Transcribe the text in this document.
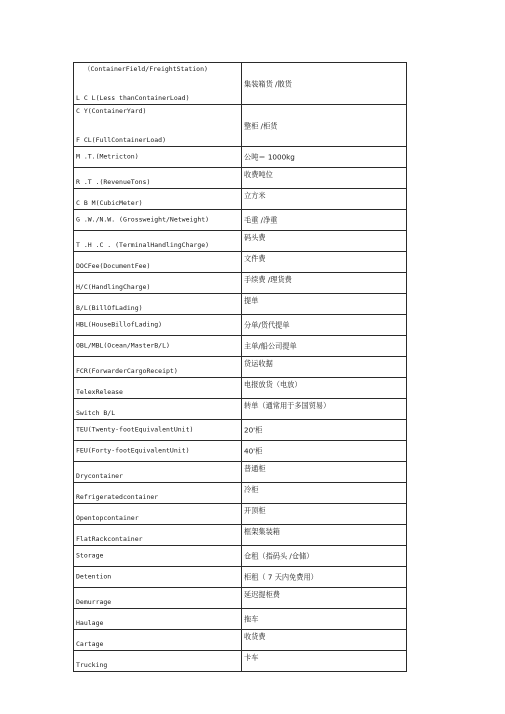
（ContainerField/FreightStation)
L C L(Less thanContainerLoad)	集装箱货 /散货

C Y(ContainerYard)
F CL(FullContainerLoad)	整柜 /柜货

M .T.(Metricton)	公吨＝ 1000kg

R .T .(RevenueTons)	收费吨位

C B M(CubicMeter)	立方米

G .W./N.W. (Grossweight/Netweight)	毛重 /净重

T .H .C . (TerminalHandlingCharge)	码头费

DOCFee(DocumentFee)	文件费

H/C(HandlingCharge)	手续费 /理货费

B/L(BillOfLading)	提单

HBL(HouseBillofLading)	分单/货代提单

OBL/MBL(Ocean/MasterB/L)	主单/船公司提单

FCR(ForwarderCargoReceipt)	货运收据

TelexRelease	电报放货（电放）

Switch B/L	转单（通常用于多国贸易）

TEU(Twenty-footEquivalentUnit)	20'柜

FEU(Forty-footEquivalentUnit)	40'柜

Drycontainer	普通柜

Refrigeratedcontainer	冷柜

Opentopcontainer	开顶柜

FlatRackcontainer	框架集装箱

Storage	仓租（指码头 /仓储）

Detention	柜租（ 7 天内免费用）

Demurrage	延迟提柜费

Haulage	拖车

Cartage	收货费

Trucking	卡车
